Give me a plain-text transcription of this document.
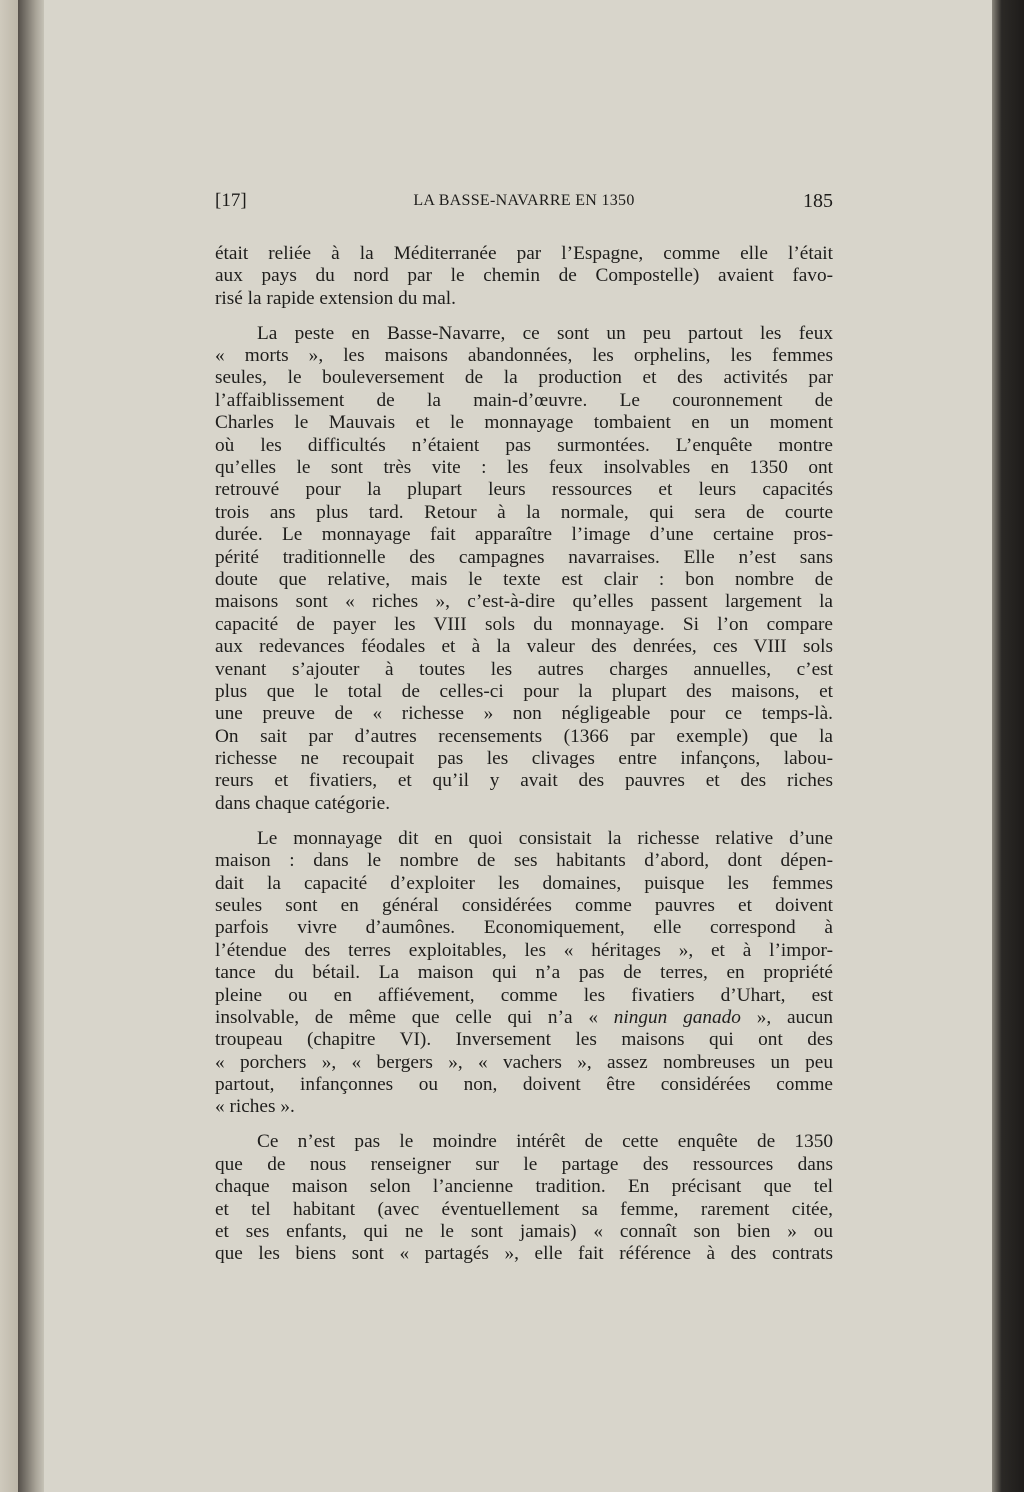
[17]	LA BASSE-NAVARRE EN 1350	185
était reliée à la Méditerranée par l’Espagne, comme elle l’était
aux pays du nord par le chemin de Compostelle) avaient favo-
risé la rapide extension du mal.
La peste en Basse-Navarre, ce sont un peu partout les feux
« morts », les maisons abandonnées, les orphelins, les femmes
seules, le bouleversement de la production et des activités par
l’affaiblissement de la main-d’œuvre. Le couronnement de
Charles le Mauvais et le monnayage tombaient en un moment
où les difficultés n’étaient pas surmontées. L’enquête montre
qu’elles le sont très vite : les feux insolvables en 1350 ont
retrouvé pour la plupart leurs ressources et leurs capacités
trois ans plus tard. Retour à la normale, qui sera de courte
durée. Le monnayage fait apparaître l’image d’une certaine pros-
périté traditionnelle des campagnes navarraises. Elle n’est sans
doute que relative, mais le texte est clair : bon nombre de
maisons sont « riches », c’est-à-dire qu’elles passent largement la
capacité de payer les VIII sols du monnayage. Si l’on compare
aux redevances féodales et à la valeur des denrées, ces VIII sols
venant s’ajouter à toutes les autres charges annuelles, c’est
plus que le total de celles-ci pour la plupart des maisons, et
une preuve de « richesse » non négligeable pour ce temps-là.
On sait par d’autres recensements (1366 par exemple) que la
richesse ne recoupait pas les clivages entre infançons, labou-
reurs et fivatiers, et qu’il y avait des pauvres et des riches
dans chaque catégorie.
Le monnayage dit en quoi consistait la richesse relative d’une
maison : dans le nombre de ses habitants d’abord, dont dépen-
dait la capacité d’exploiter les domaines, puisque les femmes
seules sont en général considérées comme pauvres et doivent
parfois vivre d’aumônes. Economiquement, elle correspond à
l’étendue des terres exploitables, les « héritages », et à l’impor-
tance du bétail. La maison qui n’a pas de terres, en propriété
pleine ou en affiévement, comme les fivatiers d’Uhart, est
insolvable, de même que celle qui n’a « ningun ganado », aucun
troupeau (chapitre VI). Inversement les maisons qui ont des
« porchers », « bergers », « vachers », assez nombreuses un peu
partout, infançonnes ou non, doivent être considérées comme
« riches ».
Ce n’est pas le moindre intérêt de cette enquête de 1350
que de nous renseigner sur le partage des ressources dans
chaque maison selon l’ancienne tradition. En précisant que tel
et tel habitant (avec éventuellement sa femme, rarement citée,
et ses enfants, qui ne le sont jamais) « connaît son bien » ou
que les biens sont « partagés », elle fait référence à des contrats
